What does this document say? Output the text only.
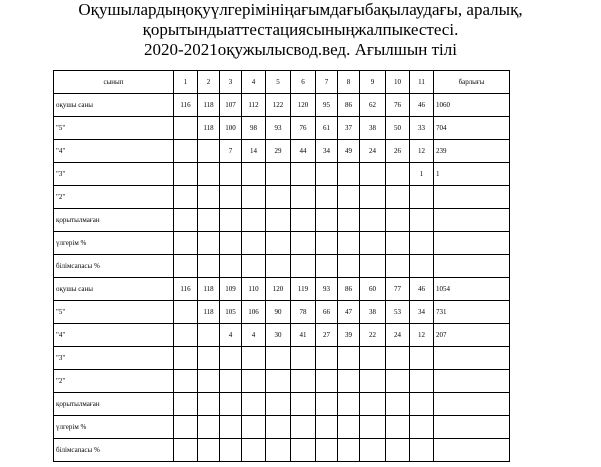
Оқушылардыңоқуүлгерімініңағымдағыбақылаудағы, аралық,
қорытындыаттестациясыныңжалпыкестесі.
2020-2021оқужылысвод.вед. Ағылшын тілі
сынып	1	2	3	4	5	6	7	8	9	10	11	барлығы
оқушы саны	116	118	107	112	122	120	95	86	62	76	46	1060
"5"		118	100	98	93	76	61	37	38	50	33	704
"4"			7	14	29	44	34	49	24	26	12	239
"3"											1	1
"2"												
қорытылмаған												
үлгерім %												
білімсапасы %												
оқушы саны	116	118	109	110	120	119	93	86	60	77	46	1054
"5"		118	105	106	90	78	66	47	38	53	34	731
"4"			4	4	30	41	27	39	22	24	12	207
"3"												
"2"												
қорытылмаған												
үлгерім %												
білімсапасы %												
